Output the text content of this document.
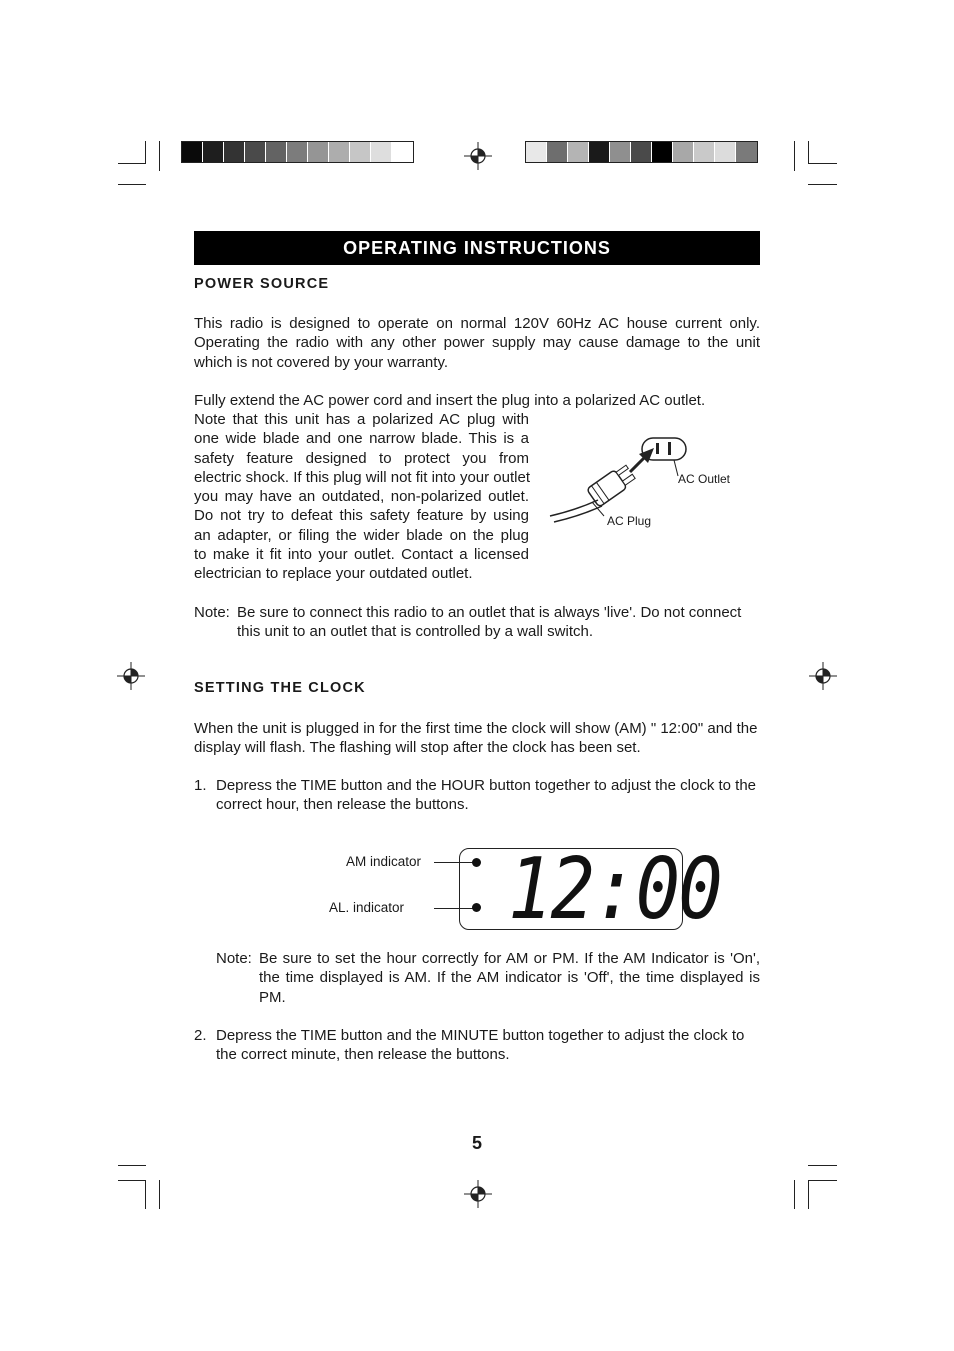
OPERATING INSTRUCTIONS
POWER SOURCE

This radio is designed to operate on normal 120V 60Hz AC house current only. Operating the radio with any other power supply may cause damage to the unit which is not covered by your warranty.

Fully extend the AC power cord and insert the plug into a polarized AC outlet.
Note that this unit has a polarized AC plug with
one wide blade and one narrow blade. This is a
safety feature designed to protect you from
electric shock. If this plug will not fit into your outlet
you may have an outdated, non-polarized outlet.
Do not try to defeat this safety feature by using
an adapter, or filing the wider blade on the plug
to make it fit into your outlet. Contact a licensed
electrician to replace your outdated outlet.
AC Outlet
AC Plug
Note: Be sure to connect this radio to an outlet that is always 'live'. Do not connect this unit to an outlet that is controlled by a wall switch.
SETTING THE CLOCK

When the unit is plugged in for the first time the clock will show (AM) " 12:00" and the display will flash. The flashing will stop after the clock has been set.

1. Depress the TIME button and the HOUR button together to adjust the clock to the correct hour, then release the buttons.
AM indicator
AL. indicator 12:00
Note: Be sure to set the hour correctly for AM or PM. If the AM Indicator is 'On', the time displayed is AM. If the AM indicator is 'Off', the time displayed is PM.
2. Depress the TIME button and the MINUTE button together to adjust the clock to the correct minute, then release the buttons.
5
